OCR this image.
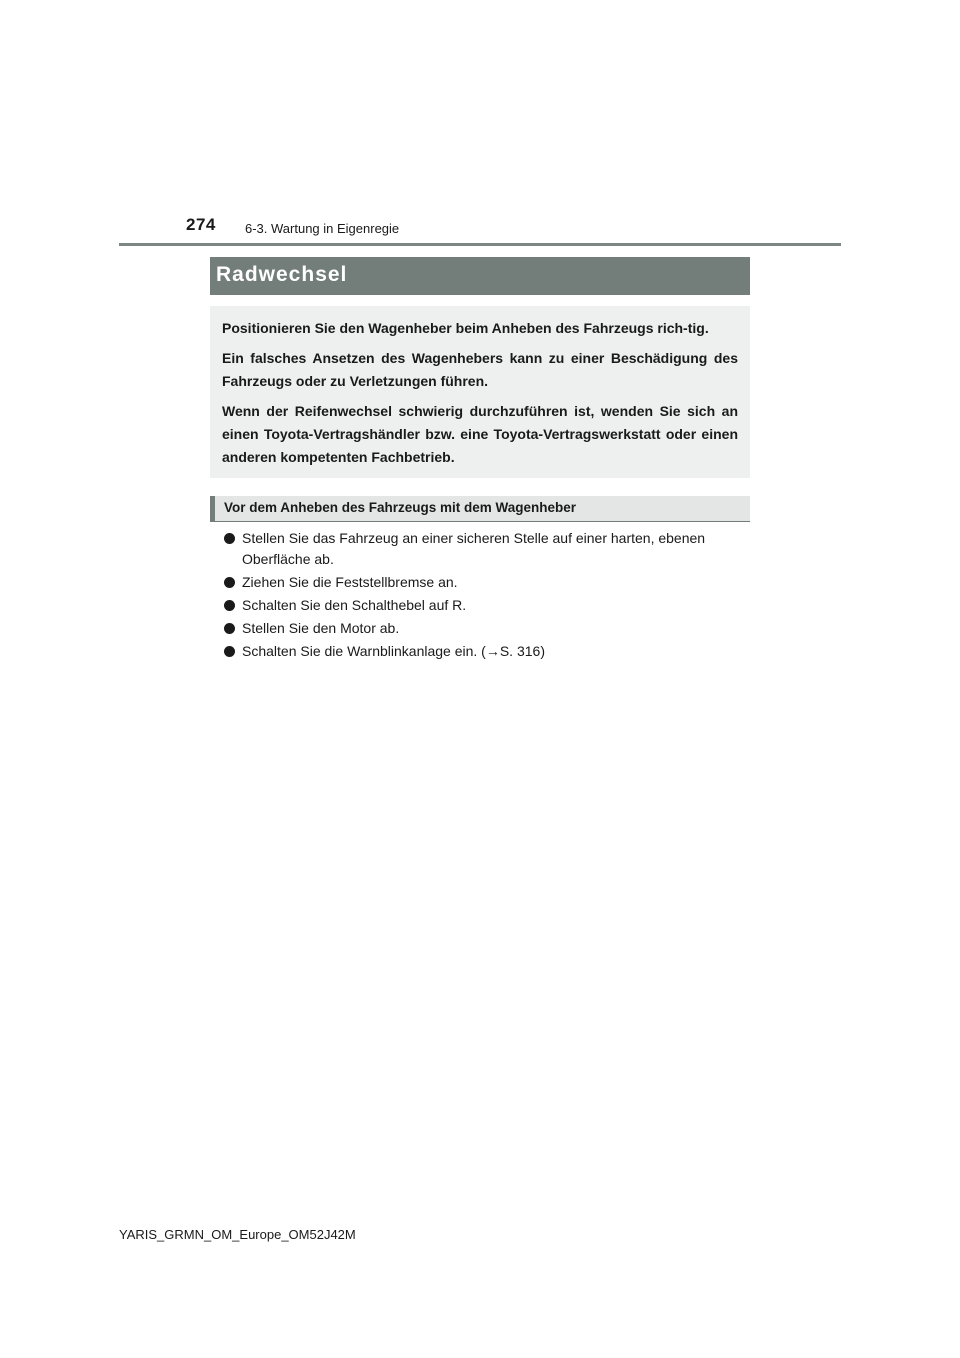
274 6-3. Wartung in Eigenregie
Radwechsel

Positionieren Sie den Wagenheber beim Anheben des Fahrzeugs rich-tig.

Ein falsches Ansetzen des Wagenhebers kann zu einer Beschädigung des Fahrzeugs oder zu Verletzungen führen.

Wenn der Reifenwechsel schwierig durchzuführen ist, wenden Sie sich an einen Toyota-Vertragshändler bzw. eine Toyota-Vertragswerkstatt oder einen anderen kompetenten Fachbetrieb.

Vor dem Anheben des Fahrzeugs mit dem Wagenheber
Stellen Sie das Fahrzeug an einer sicheren Stelle auf einer harten, ebenen Oberfläche ab.
Ziehen Sie die Feststellbremse an.
Schalten Sie den Schalthebel auf R.
Stellen Sie den Motor ab.
Schalten Sie die Warnblinkanlage ein. (→S. 316)
YARIS_GRMN_OM_Europe_OM52J42M
